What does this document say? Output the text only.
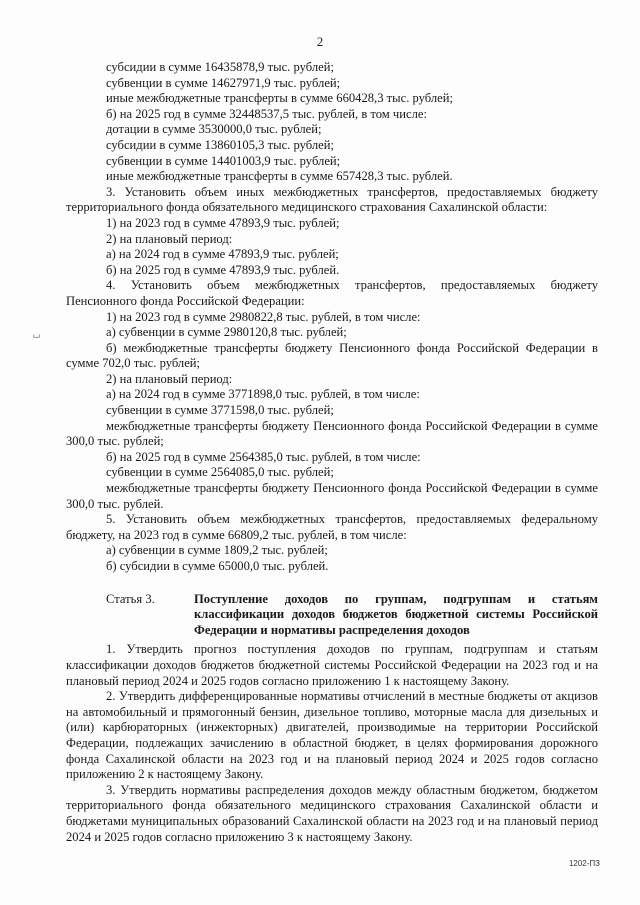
2
субсидии в сумме 16435878,9 тыс. рублей;
субвенции в сумме 14627971,9 тыс. рублей;
иные межбюджетные трансферты в сумме 660428,3 тыс. рублей;
б) на 2025 год в сумме 32448537,5 тыс. рублей, в том числе:
дотации в сумме 3530000,0 тыс. рублей;
субсидии в сумме 13860105,3 тыс. рублей;
субвенции в сумме 14401003,9 тыс. рублей;
иные межбюджетные трансферты в сумме 657428,3 тыс. рублей.
3. Установить объем иных межбюджетных трансфертов, предоставляемых бюджету территориального фонда обязательного медицинского страхования Сахалинской области:
1) на 2023 год в сумме 47893,9 тыс. рублей;
2) на плановый период:
а) на 2024 год в сумме 47893,9 тыс. рублей;
б) на 2025 год в сумме 47893,9 тыс. рублей.
4. Установить объем межбюджетных трансфертов, предоставляемых бюджету Пенсионного фонда Российской Федерации:
1) на 2023 год в сумме 2980822,8 тыс. рублей, в том числе:
а) субвенции в сумме 2980120,8 тыс. рублей;
б) межбюджетные трансферты бюджету Пенсионного фонда Российской Федерации в сумме 702,0 тыс. рублей;
2) на плановый период:
а) на 2024 год в сумме 3771898,0 тыс. рублей, в том числе:
субвенции в сумме 3771598,0 тыс. рублей;
межбюджетные трансферты бюджету Пенсионного фонда Российской Федерации в сумме 300,0 тыс. рублей;
б) на 2025 год в сумме 2564385,0 тыс. рублей, в том числе:
субвенции в сумме 2564085,0 тыс. рублей;
межбюджетные трансферты бюджету Пенсионного фонда Российской Федерации в сумме 300,0 тыс. рублей.
5. Установить объем межбюджетных трансфертов, предоставляемых федеральному бюджету, на 2023 год в сумме 66809,2 тыс. рублей, в том числе:
а) субвенции в сумме 1809,2 тыс. рублей;
б) субсидии в сумме 65000,0 тыс. рублей.
Статья 3.	Поступление доходов по группам, подгруппам и статьям классификации доходов бюджетов бюджетной системы Российской Федерации и нормативы распределения доходов
1. Утвердить прогноз поступления доходов по группам, подгруппам и статьям классификации доходов бюджетов бюджетной системы Российской Федерации на 2023 год и на плановый период 2024 и 2025 годов согласно приложению 1 к настоящему Закону.
2. Утвердить дифференцированные нормативы отчислений в местные бюджеты от акцизов на автомобильный и прямогонный бензин, дизельное топливо, моторные масла для дизельных и (или) карбюраторных (инжекторных) двигателей, производимые на территории Российской Федерации, подлежащих зачислению в областной бюджет, в целях формирования дорожного фонда Сахалинской области на 2023 год и на плановый период 2024 и 2025 годов согласно приложению 2 к настоящему Закону.
3. Утвердить нормативы распределения доходов между областным бюджетом, бюджетом территориального фонда обязательного медицинского страхования Сахалинской области и бюджетами муниципальных образований Сахалинской области на 2023 год и на плановый период 2024 и 2025 годов согласно приложению 3 к настоящему Закону.
1202-ПЗ
